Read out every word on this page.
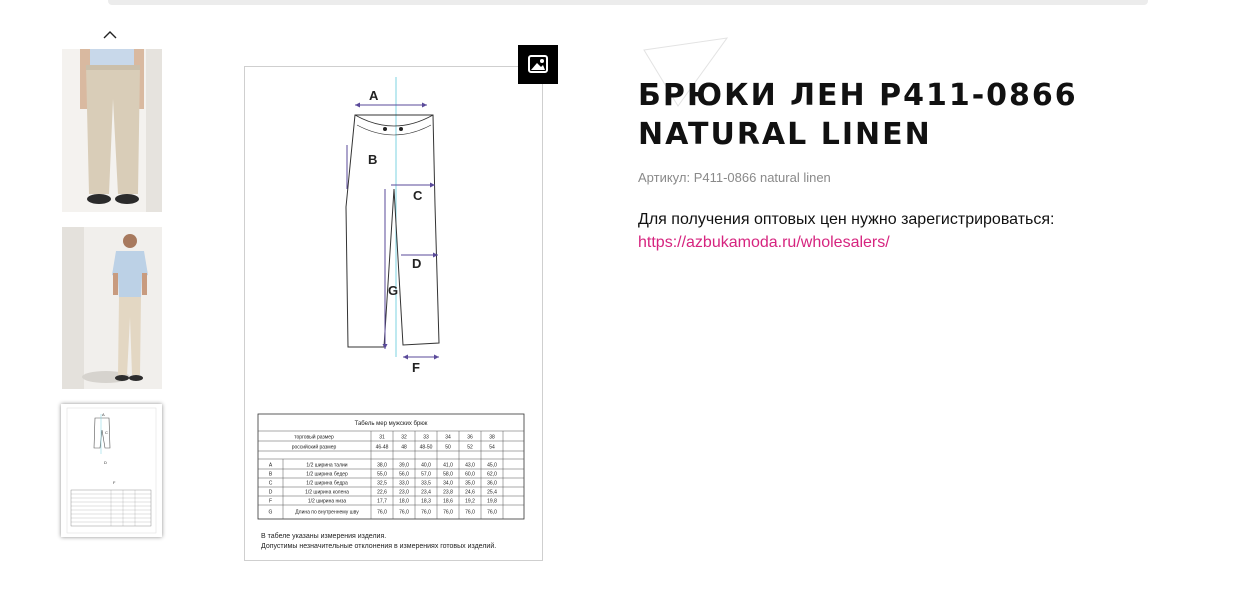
A
C
D
F
A
B
C
D
G
F
Табель мер мужских брюк
торговый размер	31	32	33	34	36	38
российский размер	46-48	48	48-50	50	52	54
A	1/2 ширина талии	38,0 39,0 40,0 41,0 43,0 45,0
B	1/2 ширина бедер	55,0 56,0 57,0 58,0 60,0 62,0
C	1/2 ширина бедра	32,5 33,0 33,5 34,0 35,0 36,0
D	1/2 ширина колена	22,6 23,0 23,4 23,8 24,6 25,4
F	1/2 ширина низа	17,7 18,0 18,3 18,6 19,2 19,8
G	Длина по внутреннему шву	76,0 76,0 76,0 76,0 76,0 76,0
В табеле указаны измерения изделия.
Допустимы незначительные отклонения в измерениях готовых изделий.
БРЮКИ ЛЕН P411-0866
NATURAL LINEN
Артикул: P411-0866 natural linen
Для получения оптовых цен нужно зарегистрироваться:
https://azbukamoda.ru/wholesalers/
